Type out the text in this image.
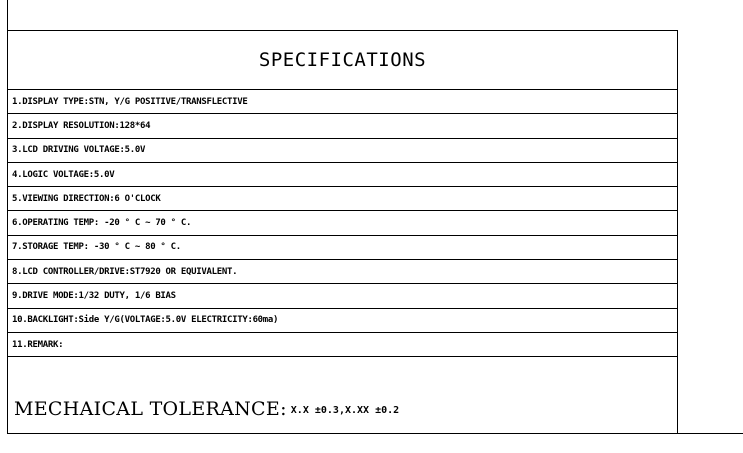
SPECIFICATIONS
1.DISPLAY TYPE:STN, Y/G POSITIVE/TRANSFLECTIVE
2.DISPLAY RESOLUTION:128*64
3.LCD DRIVING VOLTAGE:5.0V
4.LOGIC VOLTAGE:5.0V
5.VIEWING DIRECTION:6 O'CLOCK
6.OPERATING TEMP: -20 ° C ~ 70 ° C.
7.STORAGE TEMP: -30 ° C ~ 80 ° C.
8.LCD CONTROLLER/DRIVE:ST7920 OR EQUIVALENT.
9.DRIVE MODE:1/32 DUTY, 1/6 BIAS
10.BACKLIGHT:Side Y/G(VOLTAGE:5.0V ELECTRICITY:60ma)
11.REMARK:
MECHAICAL TOLERANCE: X.X ±0.3,X.XX ±0.2
